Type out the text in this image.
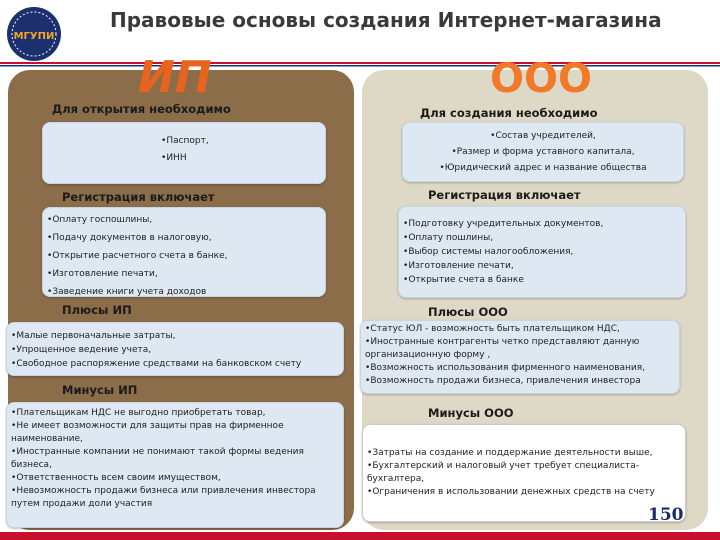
МГУПИ
Правовые основы создания Интернет-магазина
ИП
Для открытия необходимо
• Паспорт,
• ИНН
Регистрация включает
• Оплату госпошлины,
• Подачу документов в налоговую,
• Открытие расчетного счета в банке,
• Изготовление печати,
• Заведение книги учета доходов
Плюсы ИП
• Малые первоначальные затраты,
• Упрощенное ведение учета,
• Свободное распоряжение средствами на банковском счету
Минусы ИП
• Плательщикам НДС не выгодно приобретать товар,
• Не имеет возможности для защиты прав на фирменное наименование,
• Иностранные компании не понимают такой формы ведения бизнеса,
• Ответственность всем своим имуществом,
• Невозможность продажи бизнеса или привлечения инвестора путем продажи доли участия
ООО
Для создания необходимо
• Состав учредителей,
• Размер и форма уставного капитала,
• Юридический адрес и название общества
Регистрация включает
• Подготовку учредительных документов,
• Оплату пошлины,
• Выбор системы налогообложения,
• Изготовление печати,
• Открытие счета в банке
Плюсы ООО
• Статус ЮЛ - возможность быть плательщиком НДС,
• Иностранные контрагенты четко представляют данную организационную форму ,
• Возможность использования фирменного наименования,
• Возможность продажи бизнеса, привлечения инвестора
Минусы ООО
• Затраты на создание и поддержание деятельности выше,
• Бухгалтерский и налоговый учет требует специалиста-бухгалтера,
• Ограничения в использовании денежных средств на счету
150
